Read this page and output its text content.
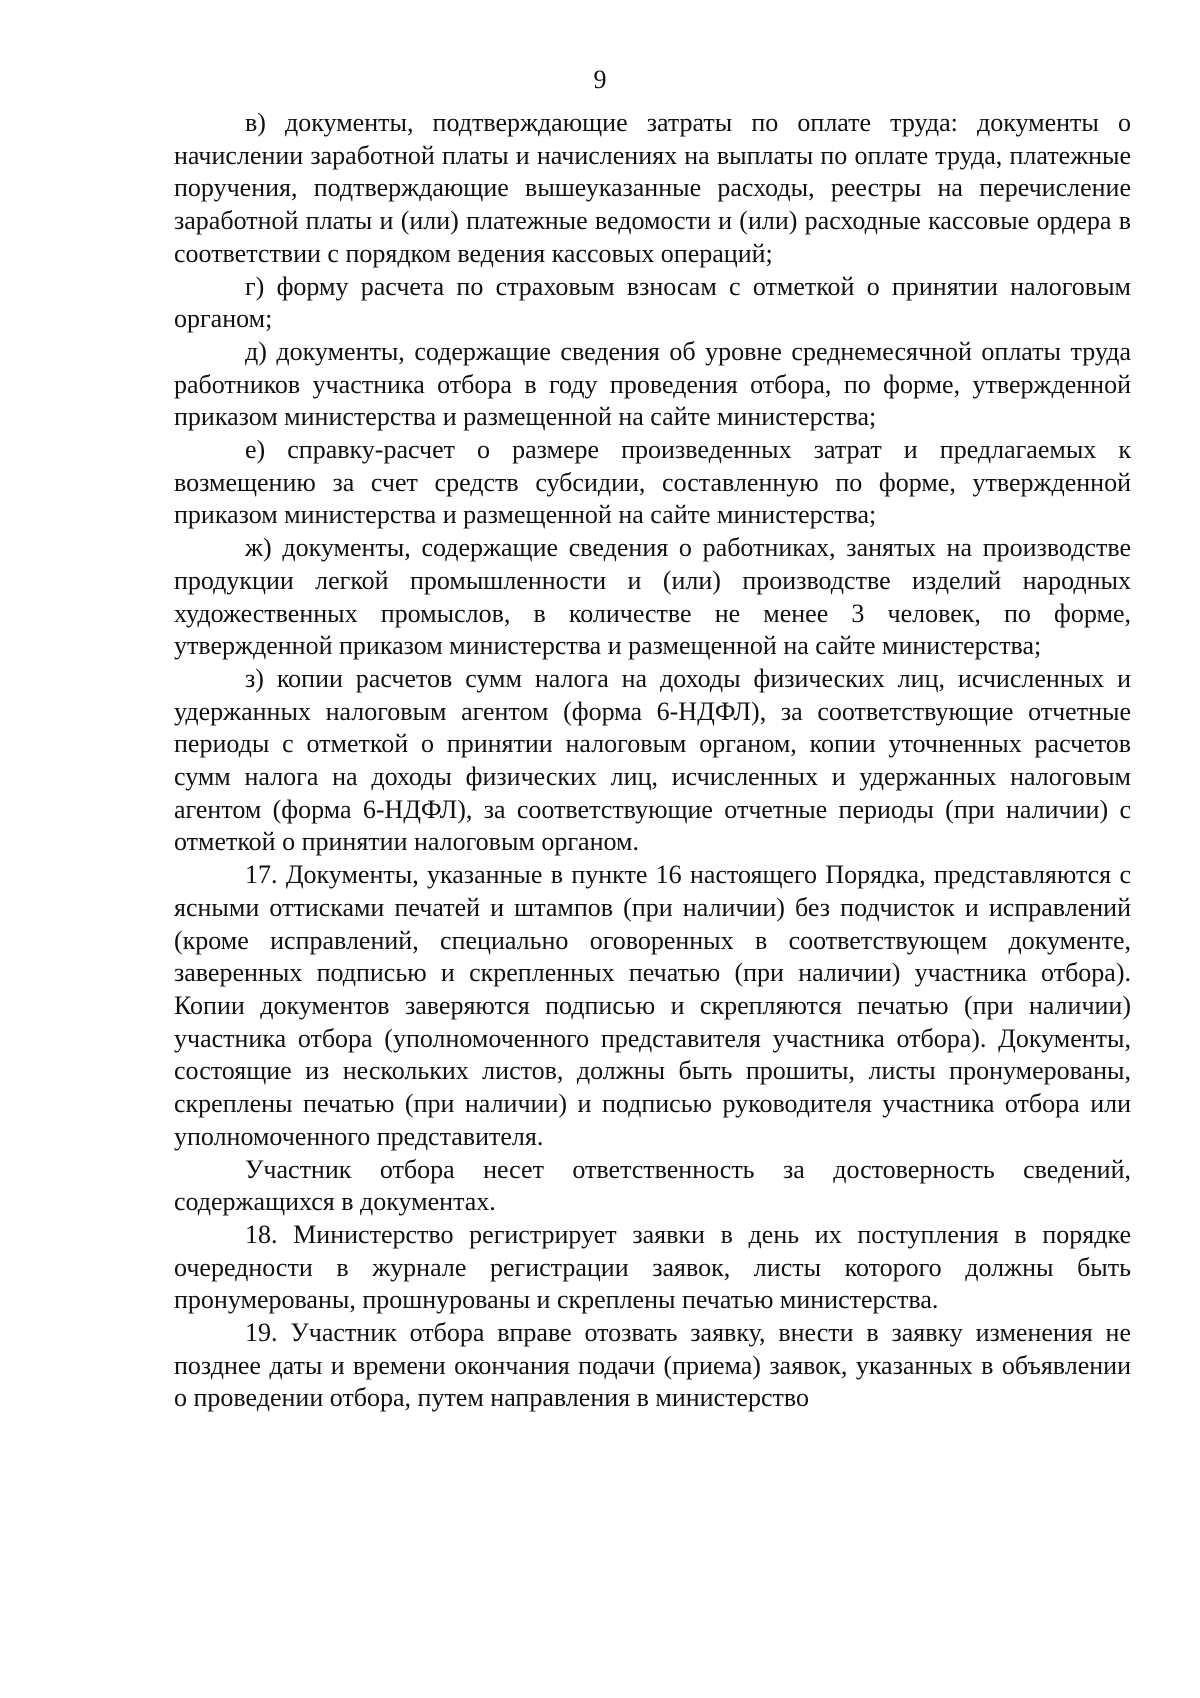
9

в) документы, подтверждающие затраты по оплате труда: документы о начислении заработной платы и начислениях на выплаты по оплате труда, платежные поручения, подтверждающие вышеуказанные расходы, реестры на перечисление заработной платы и (или) платежные ведомости и (или) расходные кассовые ордера в соответствии с порядком ведения кассовых операций;

г) форму расчета по страховым взносам с отметкой о принятии налоговым органом;

д) документы, содержащие сведения об уровне среднемесячной оплаты труда работников участника отбора в году проведения отбора, по форме, утвержденной приказом министерства и размещенной на сайте министерства;

е) справку-расчет о размере произведенных затрат и предлагаемых к возмещению за счет средств субсидии, составленную по форме, утвержденной приказом министерства и размещенной на сайте министерства;

ж) документы, содержащие сведения о работниках, занятых на производстве продукции легкой промышленности и (или) производстве изделий народных художественных промыслов, в количестве не менее 3 человек, по форме, утвержденной приказом министерства и размещенной на сайте министерства;

з) копии расчетов сумм налога на доходы физических лиц, исчисленных и удержанных налоговым агентом (форма 6-НДФЛ), за соответствующие отчетные периоды с отметкой о принятии налоговым органом, копии уточненных расчетов сумм налога на доходы физических лиц, исчисленных и удержанных налоговым агентом (форма 6-НДФЛ), за соответствующие отчетные периоды (при наличии) с отметкой о принятии налоговым органом.

17. Документы, указанные в пункте 16 настоящего Порядка, представляются с ясными оттисками печатей и штампов (при наличии) без подчисток и исправлений (кроме исправлений, специально оговоренных в соответствующем документе, заверенных подписью и скрепленных печатью (при наличии) участника отбора). Копии документов заверяются подписью и скрепляются печатью (при наличии) участника отбора (уполномоченного представителя участника отбора). Документы, состоящие из нескольких листов, должны быть прошиты, листы пронумерованы, скреплены печатью (при наличии) и подписью руководителя участника отбора или уполномоченного представителя.

Участник отбора несет ответственность за достоверность сведений, содержащихся в документах.

18. Министерство регистрирует заявки в день их поступления в порядке очередности в журнале регистрации заявок, листы которого должны быть пронумерованы, прошнурованы и скреплены печатью министерства.

19. Участник отбора вправе отозвать заявку, внести в заявку изменения не позднее даты и времени окончания подачи (приема) заявок, указанных в объявлении о проведении отбора, путем направления в министерство
